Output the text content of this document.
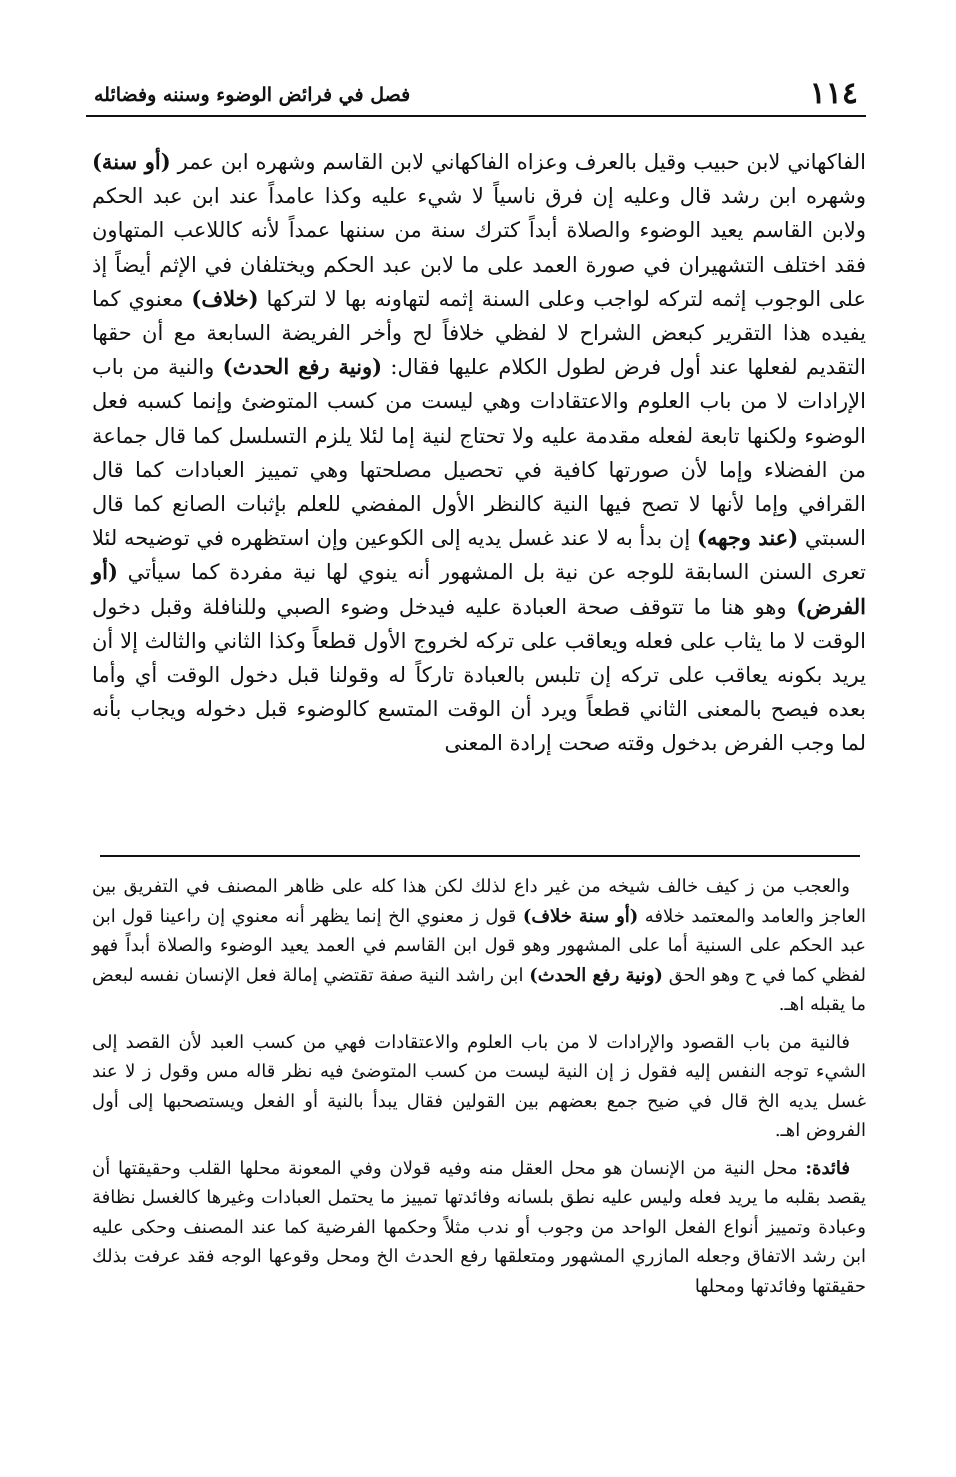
١١٤
فصل في فرائض الوضوء وسننه وفضائله

الفاكهاني لابن حبيب وقيل بالعرف وعزاه الفاكهاني لابن القاسم وشهره ابن عمر (أو سنة) وشهره ابن رشد قال وعليه إن فرق ناسياً لا شيء عليه وكذا عامداً عند ابن عبد الحكم ولابن القاسم يعيد الوضوء والصلاة أبداً كترك سنة من سننها عمداً لأنه كاللاعب المتهاون فقد اختلف التشهيران في صورة العمد على ما لابن عبد الحكم ويختلفان في الإثم أيضاً إذ على الوجوب إثمه لتركه لواجب وعلى السنة إثمه لتهاونه بها لا لتركها (خلاف) معنوي كما يفيده هذا التقرير كبعض الشراح لا لفظي خلافاً لح وأخر الفريضة السابعة مع أن حقها التقديم لفعلها عند أول فرض لطول الكلام عليها فقال: (ونية رفع الحدث) والنية من باب الإرادات لا من باب العلوم والاعتقادات وهي ليست من كسب المتوضئ وإنما كسبه فعل الوضوء ولكنها تابعة لفعله مقدمة عليه ولا تحتاج لنية إما لئلا يلزم التسلسل كما قال جماعة من الفضلاء وإما لأن صورتها كافية في تحصيل مصلحتها وهي تمييز العبادات كما قال القرافي وإما لأنها لا تصح فيها النية كالنظر الأول المفضي للعلم بإثبات الصانع كما قال السبتي (عند وجهه) إن بدأ به لا عند غسل يديه إلى الكوعين وإن استظهره في توضيحه لئلا تعرى السنن السابقة للوجه عن نية بل المشهور أنه ينوي لها نية مفردة كما سيأتي (أو الفرض) وهو هنا ما تتوقف صحة العبادة عليه فيدخل وضوء الصبي وللنافلة وقبل دخول الوقت لا ما يثاب على فعله ويعاقب على تركه لخروج الأول قطعاً وكذا الثاني والثالث إلا أن يريد بكونه يعاقب على تركه إن تلبس بالعبادة تاركاً له وقولنا قبل دخول الوقت أي وأما بعده فيصح بالمعنى الثاني قطعاً ويرد أن الوقت المتسع كالوضوء قبل دخوله ويجاب بأنه لما وجب الفرض بدخول وقته صحت إرادة المعنى

والعجب من ز كيف خالف شيخه من غير داع لذلك لكن هذا كله على ظاهر المصنف في التفريق بين العاجز والعامد والمعتمد خلافه (أو سنة خلاف) قول ز معنوي الخ إنما يظهر أنه معنوي إن راعينا قول ابن عبد الحكم على السنية أما على المشهور وهو قول ابن القاسم في العمد يعيد الوضوء والصلاة أبداً فهو لفظي كما في ح وهو الحق (ونية رفع الحدث) ابن راشد النية صفة تقتضي إمالة فعل الإنسان نفسه لبعض ما يقبله اهـ.

فالنية من باب القصود والإرادات لا من باب العلوم والاعتقادات فهي من كسب العبد لأن القصد إلى الشيء توجه النفس إليه فقول ز إن النية ليست من كسب المتوضئ فيه نظر قاله مس وقول ز لا عند غسل يديه الخ قال في ضيح جمع بعضهم بين القولين فقال يبدأ بالنية أو الفعل ويستصحبها إلى أول الفروض اهـ.

فائدة: محل النية من الإنسان هو محل العقل منه وفيه قولان وفي المعونة محلها القلب وحقيقتها أن يقصد بقلبه ما يريد فعله وليس عليه نطق بلسانه وفائدتها تمييز ما يحتمل العبادات وغيرها كالغسل نظافة وعبادة وتمييز أنواع الفعل الواحد من وجوب أو ندب مثلاً وحكمها الفرضية كما عند المصنف وحكى عليه ابن رشد الاتفاق وجعله المازري المشهور ومتعلقها رفع الحدث الخ ومحل وقوعها الوجه فقد عرفت بذلك حقيقتها وفائدتها ومحلها
